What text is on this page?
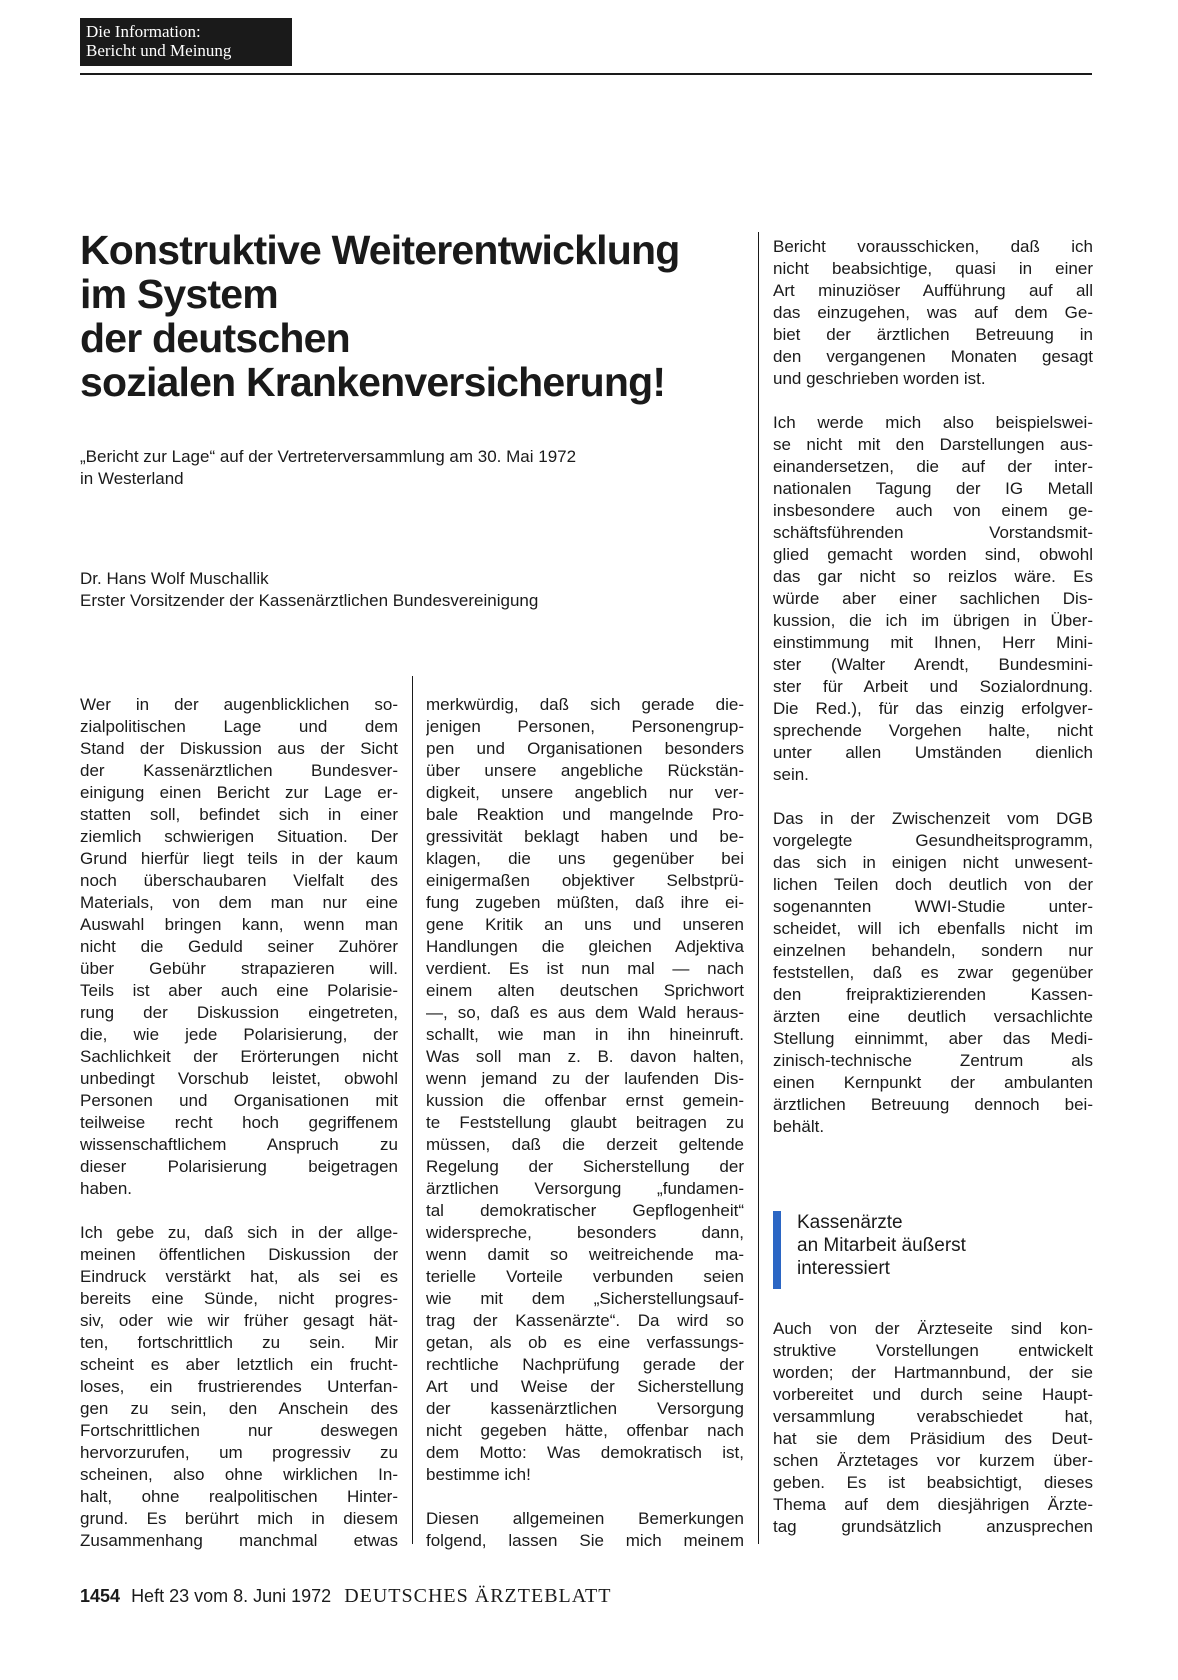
Die Information:
Bericht und Meinung
Konstruktive Weiterentwicklung
im System
der deutschen
sozialen Krankenversicherung!
„Bericht zur Lage“ auf der Vertreterversammlung am 30. Mai 1972
in Westerland
Dr. Hans Wolf Muschallik
Erster Vorsitzender der Kassenärztlichen Bundesvereinigung

Wer in der augenblicklichen so-
zialpolitischen Lage und dem
Stand der Diskussion aus der Sicht
der Kassenärztlichen Bundesver-
einigung einen Bericht zur Lage er-
statten soll, befindet sich in einer
ziemlich schwierigen Situation. Der
Grund hierfür liegt teils in der kaum
noch überschaubaren Vielfalt des
Materials, von dem man nur eine
Auswahl bringen kann, wenn man
nicht die Geduld seiner Zuhörer
über Gebühr strapazieren will.
Teils ist aber auch eine Polarisie-
rung der Diskussion eingetreten,
die, wie jede Polarisierung, der
Sachlichkeit der Erörterungen nicht
unbedingt Vorschub leistet, obwohl
Personen und Organisationen mit
teilweise recht hoch gegriffenem
wissenschaftlichem Anspruch zu
dieser Polarisierung beigetragen
haben.

Ich gebe zu, daß sich in der allge-
meinen öffentlichen Diskussion der
Eindruck verstärkt hat, als sei es
bereits eine Sünde, nicht progres-
siv, oder wie wir früher gesagt hät-
ten, fortschrittlich zu sein. Mir
scheint es aber letztlich ein frucht-
loses, ein frustrierendes Unterfan-
gen zu sein, den Anschein des
Fortschrittlichen nur deswegen
hervorzurufen, um progressiv zu
scheinen, also ohne wirklichen In-
halt, ohne realpolitischen Hinter-
grund. Es berührt mich in diesem
Zusammenhang manchmal etwas

merkwürdig, daß sich gerade die-
jenigen Personen, Personengrup-
pen und Organisationen besonders
über unsere angebliche Rückstän-
digkeit, unsere angeblich nur ver-
bale Reaktion und mangelnde Pro-
gressivität beklagt haben und be-
klagen, die uns gegenüber bei
einigermaßen objektiver Selbstprü-
fung zugeben müßten, daß ihre ei-
gene Kritik an uns und unseren
Handlungen die gleichen Adjektiva
verdient. Es ist nun mal — nach
einem alten deutschen Sprichwort
—, so, daß es aus dem Wald heraus-
schallt, wie man in ihn hineinruft.
Was soll man z. B. davon halten,
wenn jemand zu der laufenden Dis-
kussion die offenbar ernst gemein-
te Feststellung glaubt beitragen zu
müssen, daß die derzeit geltende
Regelung der Sicherstellung der
ärztlichen Versorgung „fundamen-
tal demokratischer Gepflogenheit“
widerspreche, besonders dann,
wenn damit so weitreichende ma-
terielle Vorteile verbunden seien
wie mit dem „Sicherstellungsauf-
trag der Kassenärzte“. Da wird so
getan, als ob es eine verfassungs-
rechtliche Nachprüfung gerade der
Art und Weise der Sicherstellung
der kassenärztlichen Versorgung
nicht gegeben hätte, offenbar nach
dem Motto: Was demokratisch ist,
bestimme ich!

Diesen allgemeinen Bemerkungen
folgend, lassen Sie mich meinem

Bericht vorausschicken, daß ich
nicht beabsichtige, quasi in einer
Art minuziöser Aufführung auf all
das einzugehen, was auf dem Ge-
biet der ärztlichen Betreuung in
den vergangenen Monaten gesagt
und geschrieben worden ist.

Ich werde mich also beispielswei-
se nicht mit den Darstellungen aus-
einandersetzen, die auf der inter-
nationalen Tagung der IG Metall
insbesondere auch von einem ge-
schäftsführenden Vorstandsmit-
glied gemacht worden sind, obwohl
das gar nicht so reizlos wäre. Es
würde aber einer sachlichen Dis-
kussion, die ich im übrigen in Über-
einstimmung mit Ihnen, Herr Mini-
ster (Walter Arendt, Bundesmini-
ster für Arbeit und Sozialordnung.
Die Red.), für das einzig erfolgver-
sprechende Vorgehen halte, nicht
unter allen Umständen dienlich
sein.

Das in der Zwischenzeit vom DGB
vorgelegte Gesundheitsprogramm,
das sich in einigen nicht unwesent-
lichen Teilen doch deutlich von der
sogenannten WWI-Studie unter-
scheidet, will ich ebenfalls nicht im
einzelnen behandeln, sondern nur
feststellen, daß es zwar gegenüber
den freipraktizierenden Kassen-
ärzten eine deutlich versachlichte
Stellung einnimmt, aber das Medi-
zinisch-technische Zentrum als
einen Kernpunkt der ambulanten
ärztlichen Betreuung dennoch bei-
behält.

Kassenärzte
an Mitarbeit äußerst
interessiert

Auch von der Ärzteseite sind kon-
struktive Vorstellungen entwickelt
worden; der Hartmannbund, der sie
vorbereitet und durch seine Haupt-
versammlung verabschiedet hat,
hat sie dem Präsidium des Deut-
schen Ärztetages vor kurzem über-
geben. Es ist beabsichtigt, dieses
Thema auf dem diesjährigen Ärzte-
tag grundsätzlich anzusprechen

1454 Heft 23 vom 8. Juni 1972 DEUTSCHES ÄRZTEBLATT
